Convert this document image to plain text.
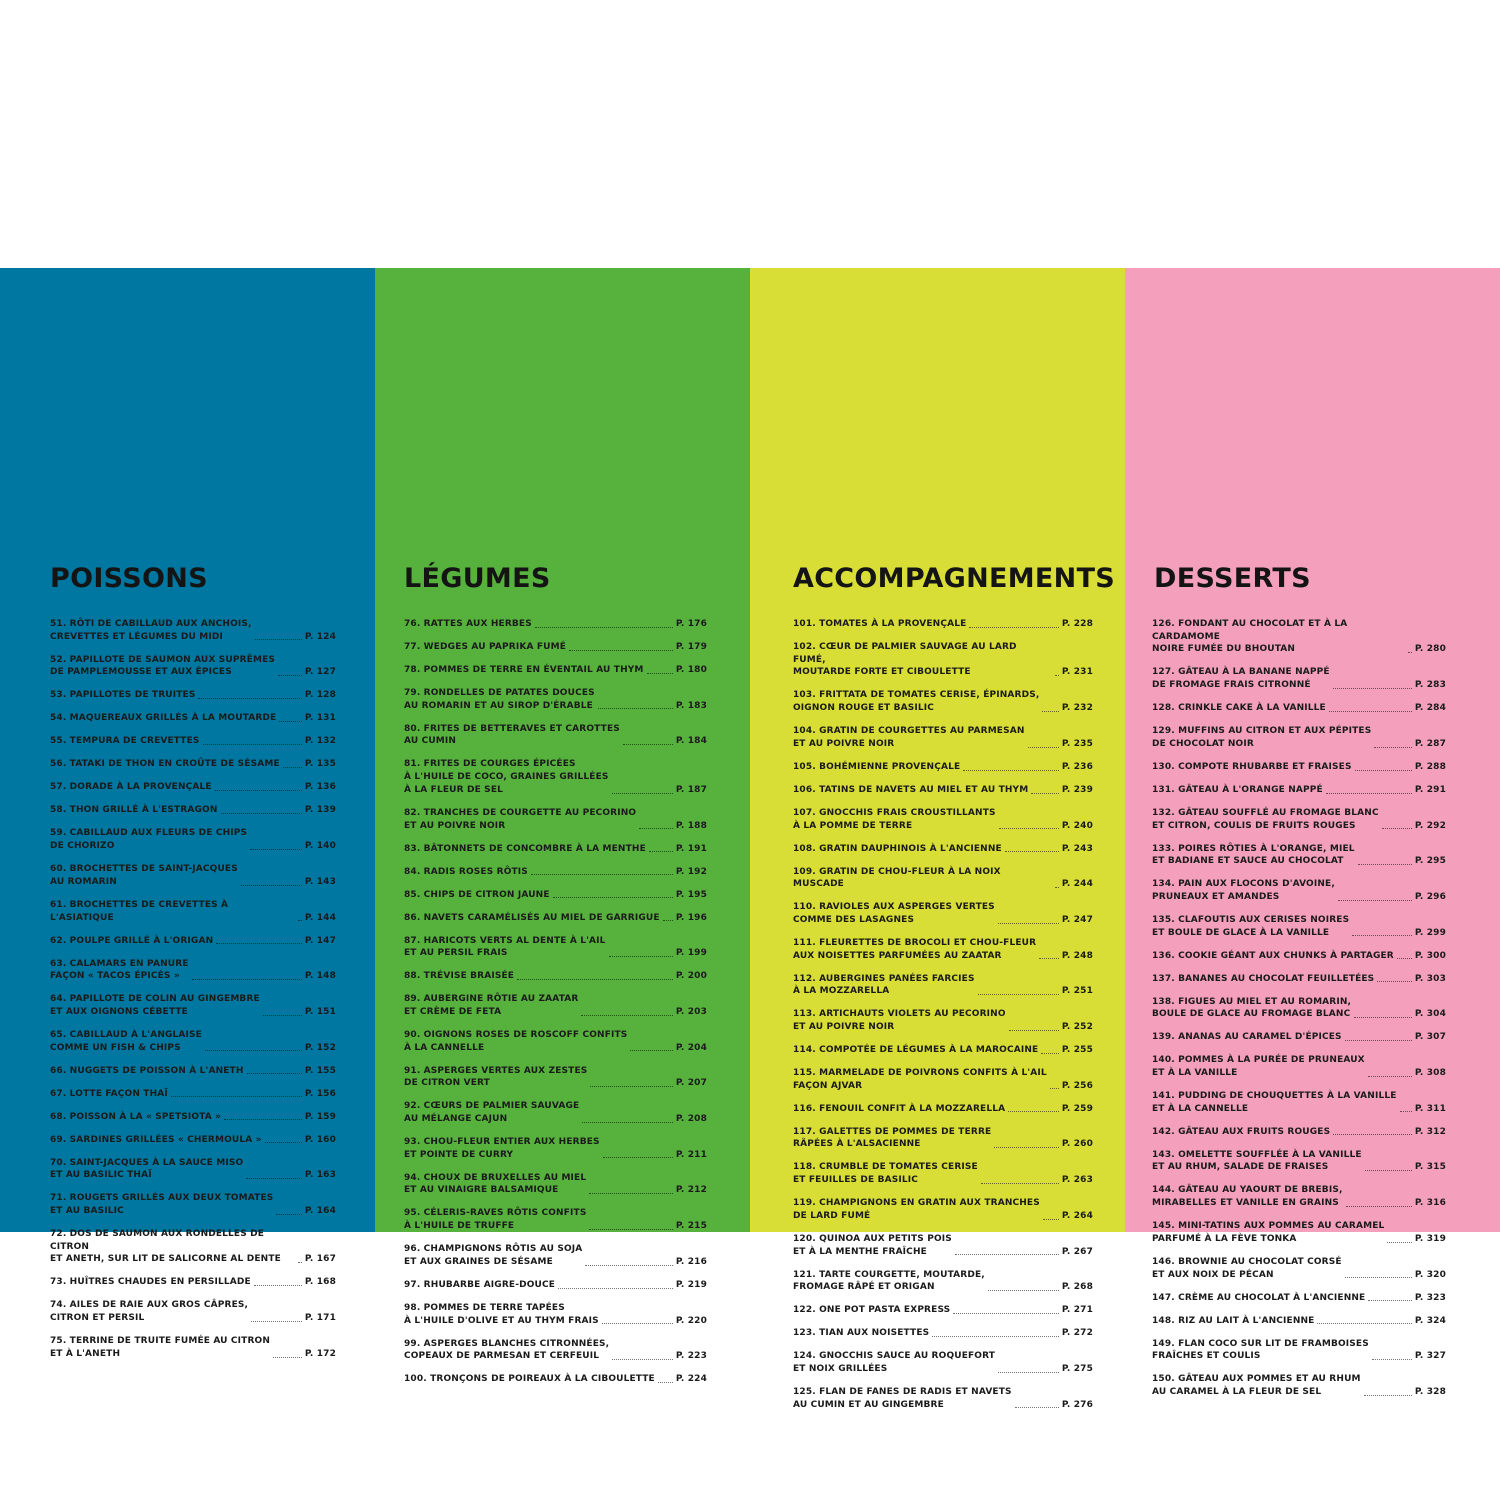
POISSONS
51. RÔTI DE CABILLAUD AUX ANCHOIS,
CREVETTES ET LÉGUMES DU MIDI	P. 124
52. PAPILLOTE DE SAUMON AUX SUPRÊMES
DE PAMPLEMOUSSE ET AUX ÉPICES	P. 127
53. PAPILLOTES DE TRUITES	P. 128
54. MAQUEREAUX GRILLÉS À LA MOUTARDE	P. 131
55. TEMPURA DE CREVETTES	P. 132
56. TATAKI DE THON EN CROÛTE DE SÉSAME	P. 135
57. DORADE À LA PROVENÇALE	P. 136
58. THON GRILLÉ À L'ESTRAGON	P. 139
59. CABILLAUD AUX FLEURS DE CHIPS
DE CHORIZO	P. 140
60. BROCHETTES DE SAINT-JACQUES
AU ROMARIN	P. 143
61. BROCHETTES DE CREVETTES À L'ASIATIQUE	P. 144
62. POULPE GRILLÉ À L'ORIGAN	P. 147
63. CALAMARS EN PANURE
FAÇON « TACOS ÉPICÉS »	P. 148
64. PAPILLOTE DE COLIN AU GINGEMBRE
ET AUX OIGNONS CÉBETTE	P. 151
65. CABILLAUD À L'ANGLAISE
COMME UN FISH & CHIPS	P. 152
66. NUGGETS DE POISSON À L'ANETH	P. 155
67. LOTTE FAÇON THAÏ	P. 156
68. POISSON À LA « SPETSIOTA »	P. 159
69. SARDINES GRILLÉES « CHERMOULA »	P. 160
70. SAINT-JACQUES À LA SAUCE MISO
ET AU BASILIC THAÏ	P. 163
71. ROUGETS GRILLÉS AUX DEUX TOMATES
ET AU BASILIC	P. 164
72. DOS DE SAUMON AUX RONDELLES DE CITRON
ET ANETH, SUR LIT DE SALICORNE AL DENTE	P. 167
73. HUÎTRES CHAUDES EN PERSILLADE	P. 168
74. AILES DE RAIE AUX GROS CÂPRES,
CITRON ET PERSIL	P. 171
75. TERRINE DE TRUITE FUMÉE AU CITRON
ET À L'ANETH	P. 172
LÉGUMES
76. RATTES AUX HERBES	P. 176
77. WEDGES AU PAPRIKA FUMÉ	P. 179
78. POMMES DE TERRE EN ÉVENTAIL AU THYM	P. 180
79. RONDELLES DE PATATES DOUCES
AU ROMARIN ET AU SIROP D'ÉRABLE	P. 183
80. FRITES DE BETTERAVES ET CAROTTES
AU CUMIN	P. 184
81. FRITES DE COURGES ÉPICÉES
À L'HUILE DE COCO, GRAINES GRILLÉES
À LA FLEUR DE SEL	P. 187
82. TRANCHES DE COURGETTE AU PECORINO
ET AU POIVRE NOIR	P. 188
83. BÂTONNETS DE CONCOMBRE À LA MENTHE	P. 191
84. RADIS ROSES RÔTIS	P. 192
85. CHIPS DE CITRON JAUNE	P. 195
86. NAVETS CARAMÉLISÉS AU MIEL DE GARRIGUE P. 196
87. HARICOTS VERTS AL DENTE À L'AIL
ET AU PERSIL FRAIS	P. 199
88. TRÉVISE BRAISÉE	P. 200
89. AUBERGINE RÔTIE AU ZAATAR
ET CRÈME DE FETA	P. 203
90. OIGNONS ROSES DE ROSCOFF CONFITS
À LA CANNELLE	P. 204
91. ASPERGES VERTES AUX ZESTES
DE CITRON VERT	P. 207
92. CŒURS DE PALMIER SAUVAGE
AU MÉLANGE CAJUN	P. 208
93. CHOU-FLEUR ENTIER AUX HERBES
ET POINTE DE CURRY	P. 211
94. CHOUX DE BRUXELLES AU MIEL
ET AU VINAIGRE BALSAMIQUE	P. 212
95. CÉLERIS-RAVES RÔTIS CONFITS
À L'HUILE DE TRUFFE	P. 215
96. CHAMPIGNONS RÔTIS AU SOJA
ET AUX GRAINES DE SÉSAME	P. 216
97. RHUBARBE AIGRE-DOUCE	P. 219
98. POMMES DE TERRE TAPÉES
À L'HUILE D'OLIVE ET AU THYM FRAIS	P. 220
99. ASPERGES BLANCHES CITRONNÉES,
COPEAUX DE PARMESAN ET CERFEUIL	P. 223
100. TRONÇONS DE POIREAUX À LA CIBOULETTE P. 224
ACCOMPAGNEMENTS
101. TOMATES À LA PROVENÇALE	P. 228
102. CŒUR DE PALMIER SAUVAGE AU LARD FUMÉ,
MOUTARDE FORTE ET CIBOULETTE	P. 231
103. FRITTATA DE TOMATES CERISE, ÉPINARDS,
OIGNON ROUGE ET BASILIC	P. 232
104. GRATIN DE COURGETTES AU PARMESAN
ET AU POIVRE NOIR	P. 235
105. BOHÉMIENNE PROVENÇALE	P. 236
106. TATINS DE NAVETS AU MIEL ET AU THYM	P. 239
107. GNOCCHIS FRAIS CROUSTILLANTS
À LA POMME DE TERRE	P. 240
108. GRATIN DAUPHINOIS À L'ANCIENNE	P. 243
109. GRATIN DE CHOU-FLEUR À LA NOIX MUSCADE	P. 244
110. RAVIOLES AUX ASPERGES VERTES
COMME DES LASAGNES	P. 247
111. FLEURETTES DE BROCOLI ET CHOU-FLEUR
AUX NOISETTES PARFUMÉES AU ZAATAR	P. 248
112. AUBERGINES PANÉES FARCIES
À LA MOZZARELLA	P. 251
113. ARTICHAUTS VIOLETS AU PECORINO
ET AU POIVRE NOIR	P. 252
114. COMPOTÉE DE LÉGUMES À LA MAROCAINE	P. 255
115. MARMELADE DE POIVRONS CONFITS À L'AIL
FAÇON AJVAR	P. 256
116. FENOUIL CONFIT À LA MOZZARELLA	P. 259
117. GALETTES DE POMMES DE TERRE
RÂPÉES À L'ALSACIENNE	P. 260
118. CRUMBLE DE TOMATES CERISE
ET FEUILLES DE BASILIC	P. 263
119. CHAMPIGNONS EN GRATIN AUX TRANCHES
DE LARD FUMÉ	P. 264
120. QUINOA AUX PETITS POIS
ET À LA MENTHE FRAÎCHE	P. 267
121. TARTE COURGETTE, MOUTARDE,
FROMAGE RÂPÉ ET ORIGAN	P. 268
122. ONE POT PASTA EXPRESS	P. 271
123. TIAN AUX NOISETTES	P. 272
124. GNOCCHIS SAUCE AU ROQUEFORT
ET NOIX GRILLÉES	P. 275
125. FLAN DE FANES DE RADIS ET NAVETS
AU CUMIN ET AU GINGEMBRE	P. 276
DESSERTS
126. FONDANT AU CHOCOLAT ET À LA CARDAMOME
NOIRE FUMÉE DU BHOUTAN	P. 280
127. GÂTEAU À LA BANANE NAPPÉ
DE FROMAGE FRAIS CITRONNÉ	P. 283
128. CRINKLE CAKE À LA VANILLE	P. 284
129. MUFFINS AU CITRON ET AUX PÉPITES
DE CHOCOLAT NOIR	P. 287
130. COMPOTE RHUBARBE ET FRAISES	P. 288
131. GÂTEAU À L'ORANGE NAPPÉ	P. 291
132. GÂTEAU SOUFFLÉ AU FROMAGE BLANC
ET CITRON, COULIS DE FRUITS ROUGES	P. 292
133. POIRES RÔTIES À L'ORANGE, MIEL
ET BADIANE ET SAUCE AU CHOCOLAT	P. 295
134. PAIN AUX FLOCONS D'AVOINE,
PRUNEAUX ET AMANDES	P. 296
135. CLAFOUTIS AUX CERISES NOIRES
ET BOULE DE GLACE À LA VANILLE	P. 299
136. COOKIE GÉANT AUX CHUNKS À PARTAGER P. 300
137. BANANES AU CHOCOLAT FEUILLETÉES	P. 303
138. FIGUES AU MIEL ET AU ROMARIN,
BOULE DE GLACE AU FROMAGE BLANC	P. 304
139. ANANAS AU CARAMEL D'ÉPICES	P. 307
140. POMMES À LA PURÉE DE PRUNEAUX
ET À LA VANILLE	P. 308
141. PUDDING DE CHOUQUETTES À LA VANILLE
ET À LA CANNELLE	P. 311
142. GÂTEAU AUX FRUITS ROUGES	P. 312
143. OMELETTE SOUFFLÉE À LA VANILLE
ET AU RHUM, SALADE DE FRAISES	P. 315
144. GÂTEAU AU YAOURT DE BREBIS,
MIRABELLES ET VANILLE EN GRAINS	P. 316
145. MINI-TATINS AUX POMMES AU CARAMEL
PARFUMÉ À LA FÈVE TONKA	P. 319
146. BROWNIE AU CHOCOLAT CORSÉ
ET AUX NOIX DE PÉCAN	P. 320
147. CRÈME AU CHOCOLAT À L'ANCIENNE	P. 323
148. RIZ AU LAIT À L'ANCIENNE	P. 324
149. FLAN COCO SUR LIT DE FRAMBOISES
FRAÎCHES ET COULIS	P. 327
150. GÂTEAU AUX POMMES ET AU RHUM
AU CARAMEL À LA FLEUR DE SEL	P. 328
